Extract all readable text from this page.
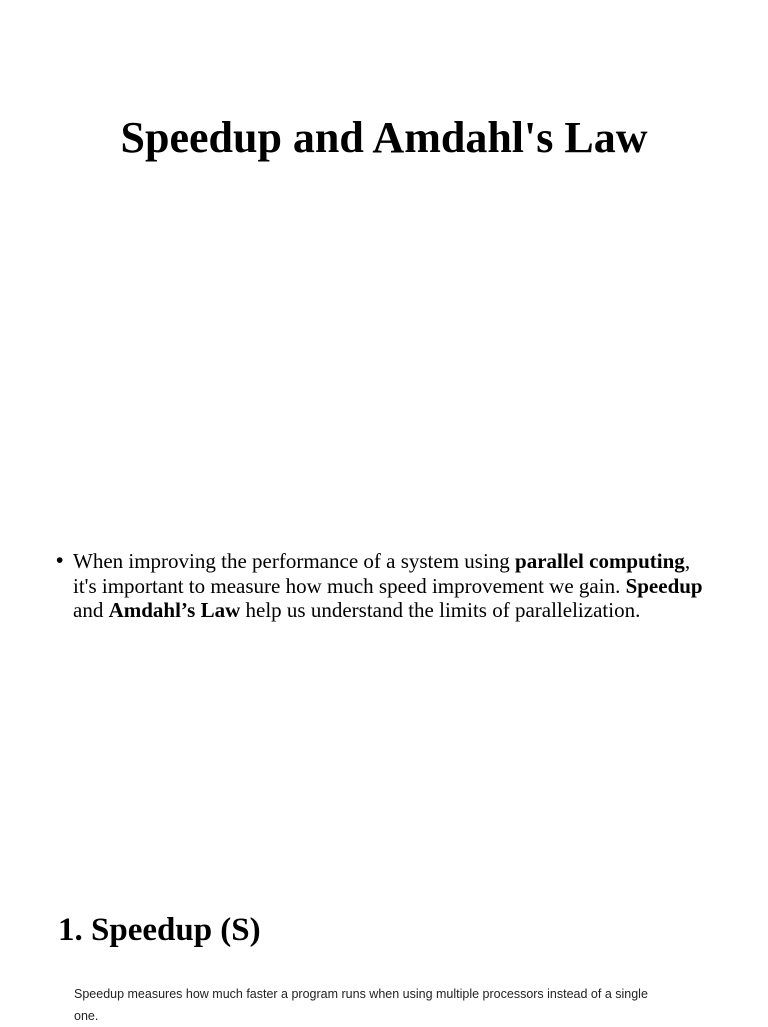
Speedup and Amdahl's Law
• When improving the performance of a system using parallel computing, it's important to measure how much speed improvement we gain. Speedup and Amdahl’s Law help us understand the limits of parallelization.
1. Speedup (S)

Speedup measures how much faster a program runs when using multiple processors instead of a single one.
